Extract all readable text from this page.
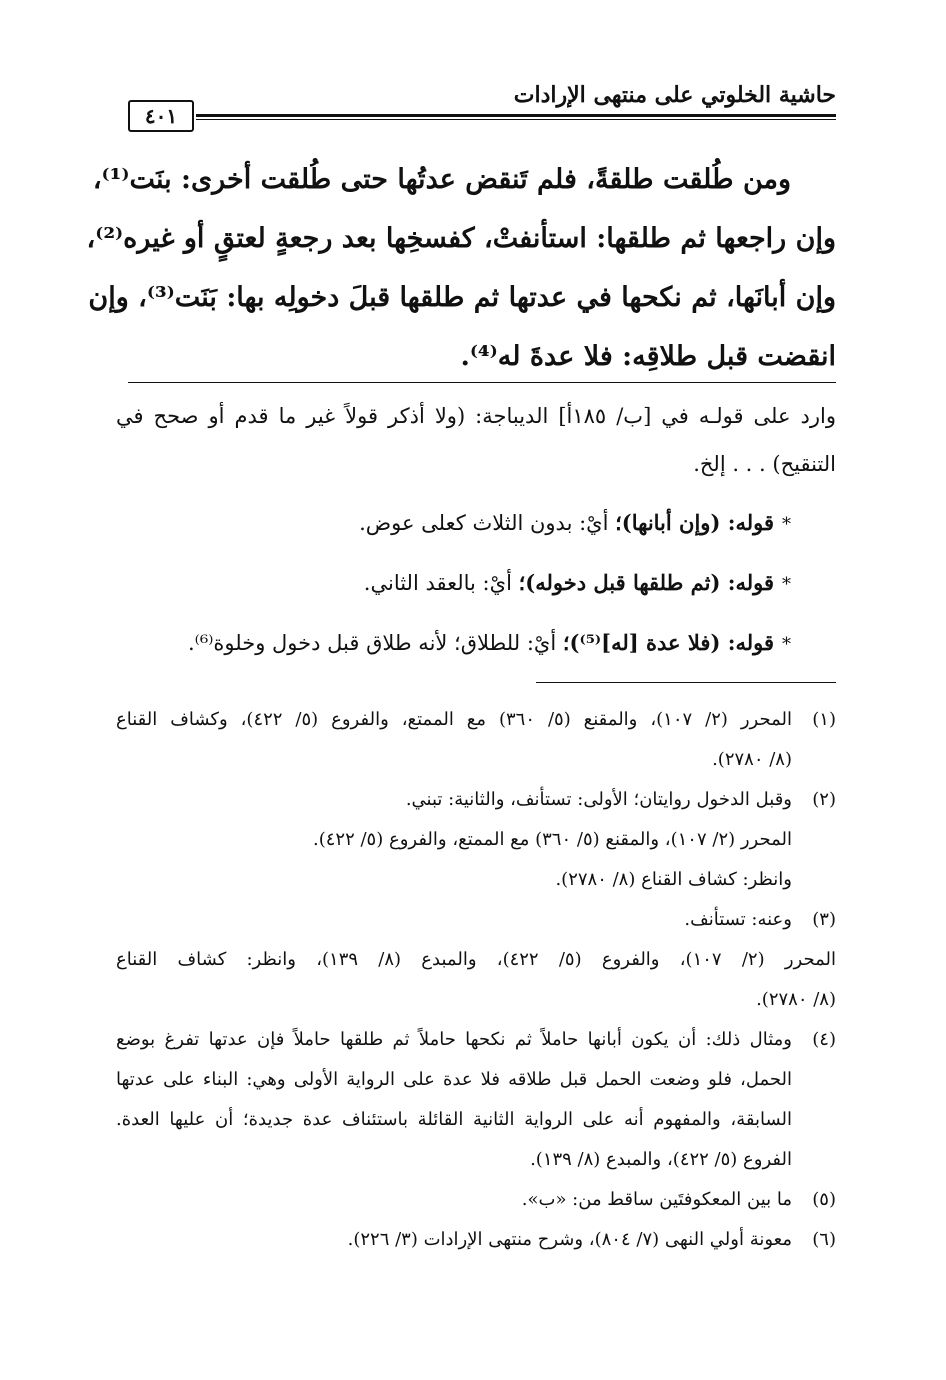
حاشية الخلوتي على منتهى الإرادات
٤٠١
ومن طُلقت طلقةً، فلم تَنقض عدتُها حتى طُلقت أخرى: بنَت⁽¹⁾،
وإن راجعها ثم طلقها: استأنفتْ، كفسخِها بعد رجعةٍ لعتقٍ أو غيره⁽²⁾،
وإن أبانَها، ثم نكحها في عدتها ثم طلقها قبلَ دخولِه بها: بَنَت⁽³⁾، وإن
انقضت قبل طلاقِه: فلا عدةَ له⁽⁴⁾.
وارد على قولـه في [ب/ ١٨٥أ] الديباجة: (ولا أذكر قولاً غير ما قدم أو صحح في
التنقيح) . . . إلخ.
*قوله: (وإن أبانها)؛ أيْ: بدون الثلاث كعلى عوض.
*قوله: (ثم طلقها قبل دخوله)؛ أيْ: بالعقد الثاني.
*قوله: (فلا عدة [له]⁽⁵⁾)؛ أيْ: للطلاق؛ لأنه طلاق قبل دخول وخلوة⁽⁶⁾.
(١)
المحرر (٢/ ١٠٧)، والمقنع (٥/ ٣٦٠) مع الممتع، والفروع (٥/ ٤٢٢)، وكشاف القناع
(٨/ ٢٧٨٠).
(٢)
وقبل الدخول روايتان؛ الأولى: تستأنف، والثانية: تبني.
المحرر (٢/ ١٠٧)، والمقنع (٥/ ٣٦٠) مع الممتع، والفروع (٥/ ٤٢٢).
وانظر: كشاف القناع (٨/ ٢٧٨٠).
(٣)
وعنه: تستأنف.
المحرر (٢/ ١٠٧)، والفروع (٥/ ٤٢٢)، والمبدع (٨/ ١٣٩)، وانظر: كشاف القناع
(٨/ ٢٧٨٠).
(٤)
ومثال ذلك: أن يكون أبانها حاملاً ثم نكحها حاملاً ثم طلقها حاملاً فإن عدتها تفرغ بوضع
الحمل، فلو وضعت الحمل قبل طلاقه فلا عدة على الرواية الأولى وهي: البناء على عدتها
السابقة، والمفهوم أنه على الرواية الثانية القائلة باستئناف عدة جديدة؛ أن عليها العدة.
الفروع (٥/ ٤٢٢)، والمبدع (٨/ ١٣٩).
(٥)
ما بين المعكوفتَين ساقط من: «ب».
(٦)
معونة أولي النهى (٧/ ٨٠٤)، وشرح منتهى الإرادات (٣/ ٢٢٦).
